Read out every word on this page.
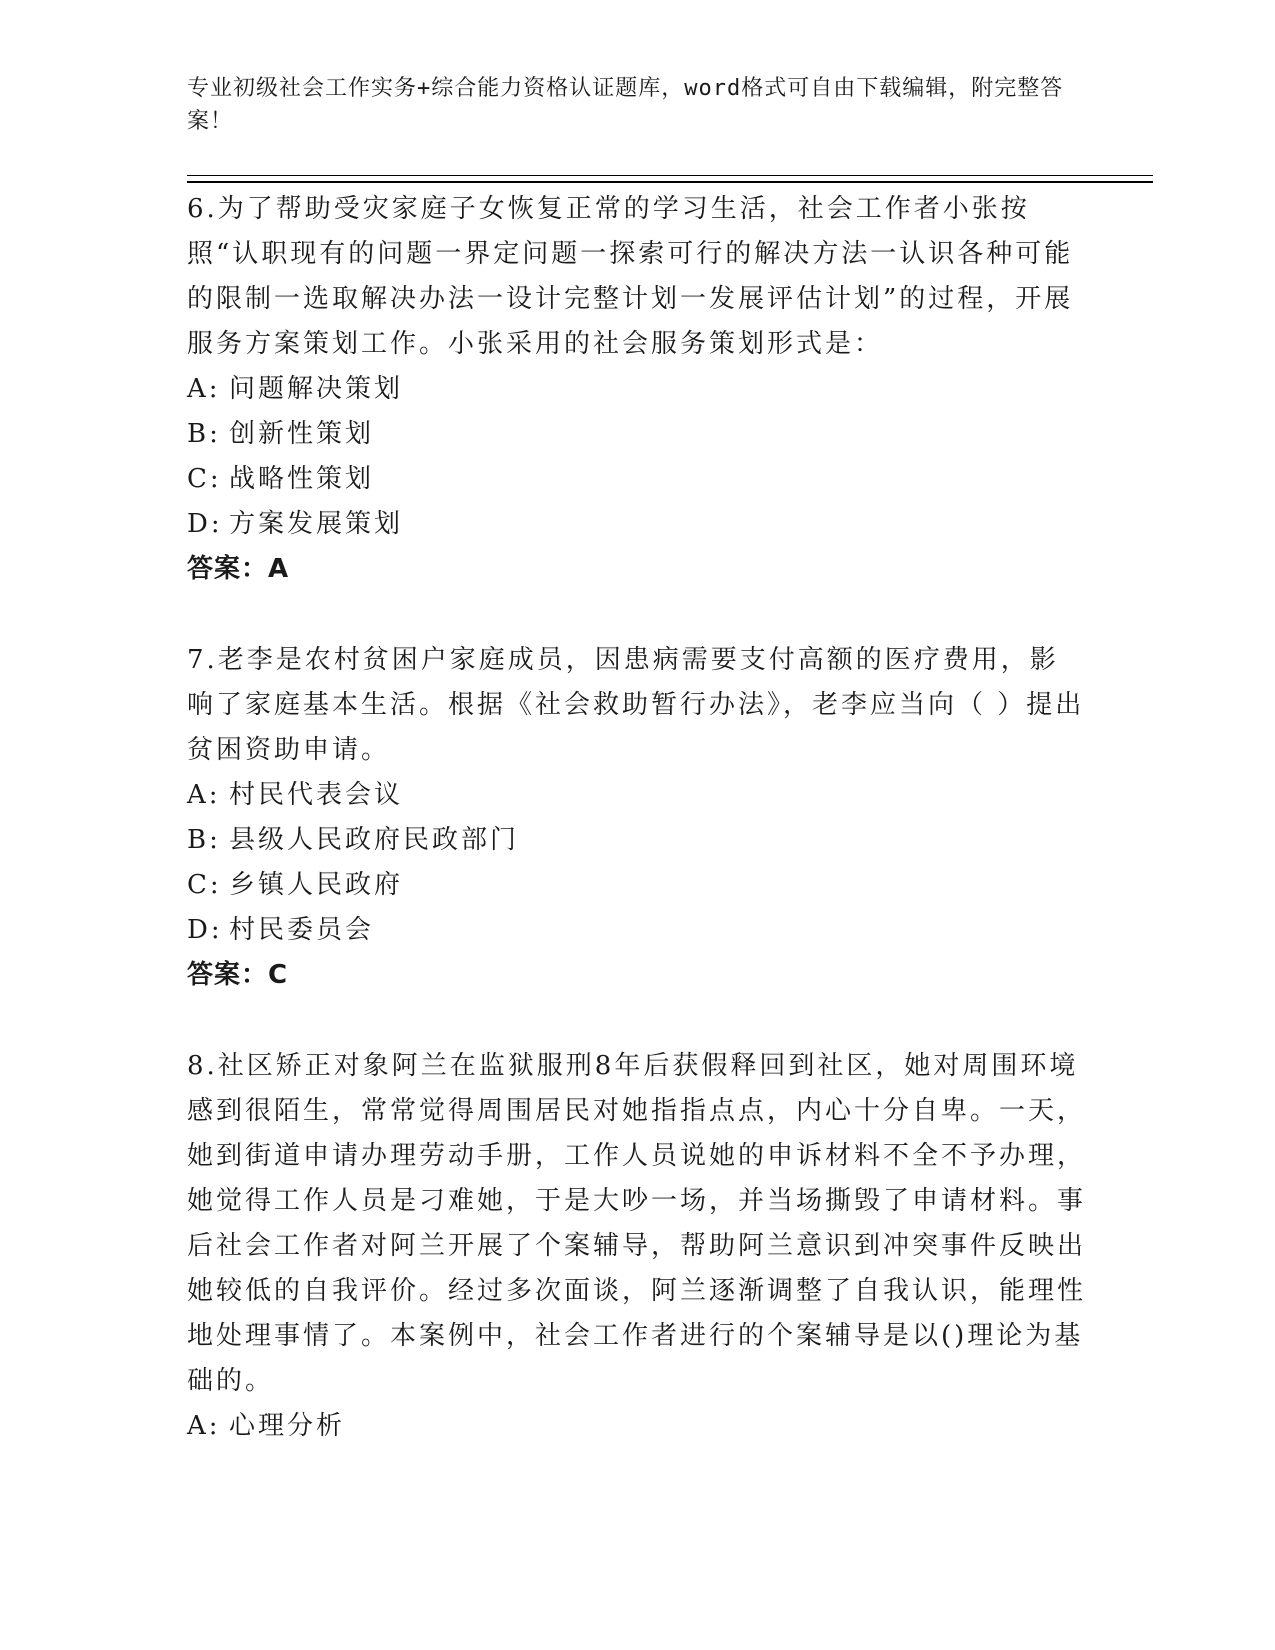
专业初级社会工作实务+综合能力资格认证题库，word格式可自由下载编辑，附完整答案！

6.为了帮助受灾家庭子女恢复正常的学习生活，社会工作者小张按照“认职现有的问题一界定问题一探索可行的解决方法一认识各种可能的限制一选取解决办法一设计完整计划一发展评估计划”的过程，开展服务方案策划工作。小张采用的社会服务策划形式是：

A: 问题解决策划
B: 创新性策划
C: 战略性策划
D: 方案发展策划
答案：A

7.老李是农村贫困户家庭成员，因患病需要支付高额的医疗费用，影响了家庭基本生活。根据《社会救助暂行办法》，老李应当向（ ）提出贫困资助申请。

A: 村民代表会议
B: 县级人民政府民政部门
C: 乡镇人民政府
D: 村民委员会
答案：C

8.社区矫正对象阿兰在监狱服刑8年后获假释回到社区，她对周围环境感到很陌生，常常觉得周围居民对她指指点点，内心十分自卑。一天，她到街道申请办理劳动手册，工作人员说她的申诉材料不全不予办理，她觉得工作人员是刁难她，于是大吵一场，并当场撕毁了申请材料。事后社会工作者对阿兰开展了个案辅导，帮助阿兰意识到冲突事件反映出她较低的自我评价。经过多次面谈，阿兰逐渐调整了自我认识，能理性地处理事情了。本案例中，社会工作者进行的个案辅导是以()理论为基础的。

A: 心理分析
